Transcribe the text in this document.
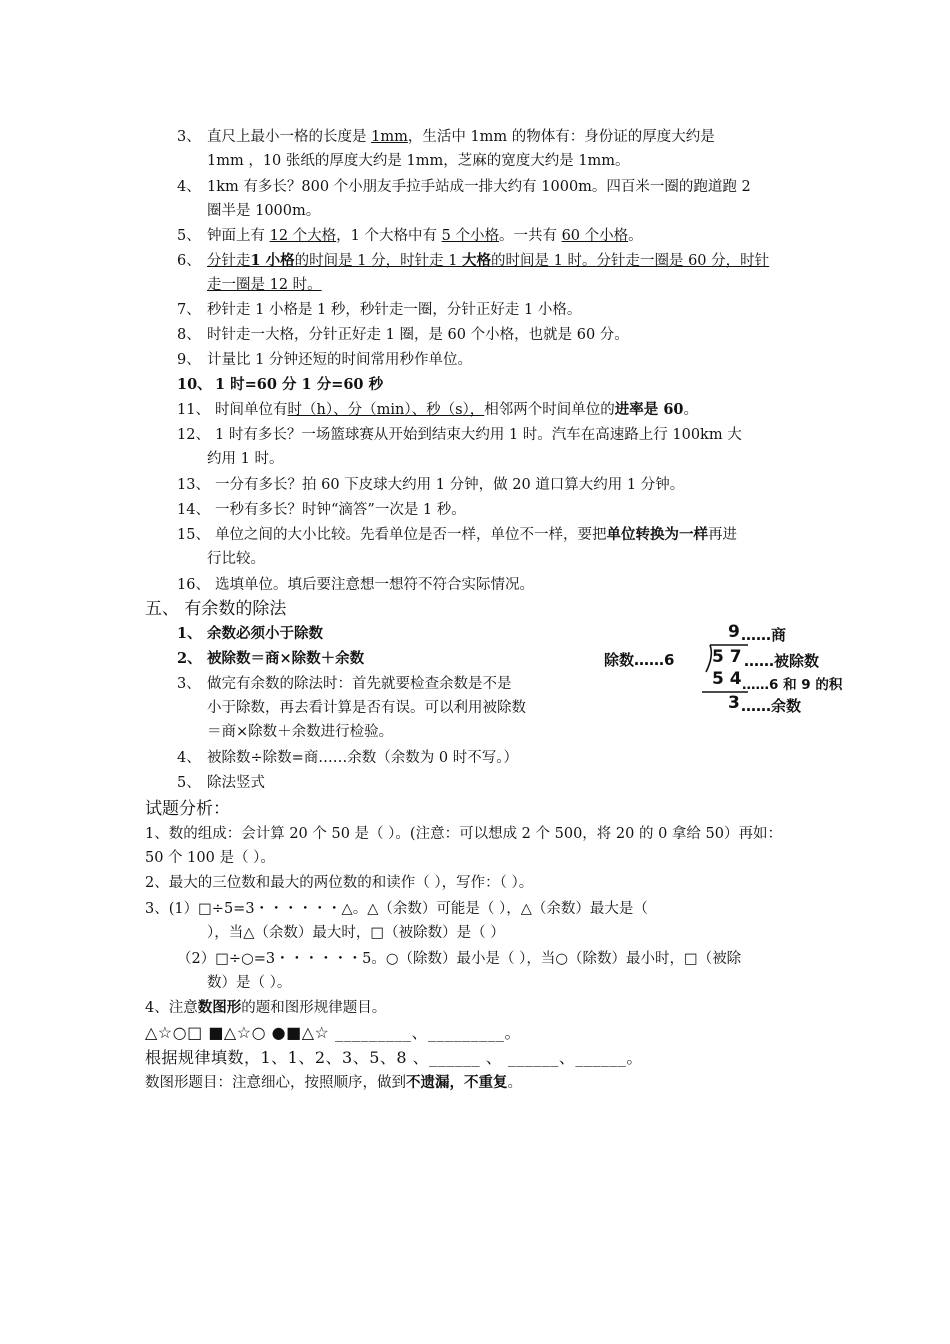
3、 直尺上最小一格的长度是 1mm，生活中 1mm 的物体有：身份证的厚度大约是
1mm ，10 张纸的厚度大约是 1mm，芝麻的宽度大约是 1mm。
4、 1km 有多长？800 个小朋友手拉手站成一排大约有 1000m。四百米一圈的跑道跑 2
圈半是 1000m。
5、 钟面上有 12 个大格，1 个大格中有 5 个小格。一共有 60 个小格。
6、 分针走1 小格的时间是 1 分，时针走 1 大格的时间是 1 时。分针走一圈是 60 分，时针
走一圈是 12 时。
7、 秒针走 1 小格是 1 秒，秒针走一圈，分针正好走 1 小格。
8、 时针走一大格，分针正好走 1 圈，是 60 个小格，也就是 60 分。
9、 计量比 1 分钟还短的时间常用秒作单位。
10、 1 时=60 分 1 分=60 秒
11、 时间单位有时（h）、分（min）、秒（s），相邻两个时间单位的进率是 60。
12、 1 时有多长？一场篮球赛从开始到结束大约用 1 时。汽车在高速路上行 100km 大
约用 1 时。
13、 一分有多长？拍 60 下皮球大约用 1 分钟，做 20 道口算大约用 1 分钟。
14、 一秒有多长？时钟“滴答”一次是 1 秒。
15、 单位之间的大小比较。先看单位是否一样，单位不一样，要把单位转换为一样再进
行比较。
16、 选填单位。填后要注意想一想符不符合实际情况。
五、 有余数的除法
1、 余数必须小于除数
2、 被除数＝商×除数＋余数
3、 做完有余数的除法时：首先就要检查余数是不是
小于除数，再去看计算是否有误。可以利用被除数
＝商×除数＋余数进行检验。
4、 被除数÷除数=商……余数（余数为 0 时不写。）
5、 除法竖式
9 ……商
除数……6 5 7 ……被除数
5 4 ……6 和 9 的积
3 ……余数
试题分析：
1、数的组成：会计算 20 个 50 是（ ）。(注意：可以想成 2 个 500，将 20 的 0 拿给 50）再如：
50 个 100 是（ ）。
2、最大的三位数和最大的两位数的和读作（ ），写作：（ ）。
3、(1）□÷5=3・・・・・・△。△（余数）可能是（ ），△（余数）最大是（
），当△（余数）最大时，□（被除数）是（ ）
（2）□÷○=3・・・・・・5。○（除数）最小是（ ），当○（除数）最小时，□（被除
数）是（ ）。
4、注意数图形的题和图形规律题目。
△☆○□ ■△☆○ ●■△☆ _________、_________。
根据规律填数，1、1、2、3、5、8 、______ 、 ______、______。
数图形题目：注意细心，按照顺序，做到不遗漏，不重复。
